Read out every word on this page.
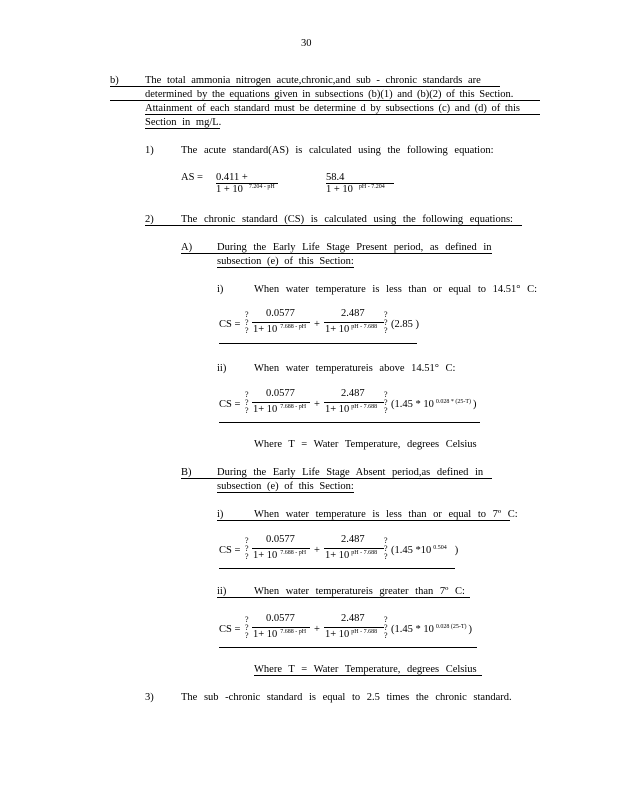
30
b)	The total ammonia nitrogen acute,chronic,and sub - chronic standards are
determined by the equations given in subsections (b)(1) and (b)(2) of this Section.
Attainment of each standard must be determine d by subsections (c) and (d) of this
Section in mg/L.
1)	The acute standard(AS) is calculated using the following equation:
AS = 0.411 +
1 + 10 $^{7.204 - pH}$
58.4
1 + 10 $^{pH - 7.204}$
2)	The chronic standard (CS) is calculated using the following equations:
A) During the Early Life Stage Present period, as defined in
subsection (e) of this Section:
i)	When water temperature is less than or equal to 14.51° C:
CS =
?
?
?
0.0577
1+ 10 $^{7.688 - pH}$ +
2.487
1+ 10 $^{pH - 7.688}$
?
?
?
(2.85 )
ii)	When water temperatureis above 14.51° C:
CS =
?
?
?
0.0577
1+ 10 $^{7.688 - pH}$ +
2.487
1+ 10 $^{pH - 7.688}$
?
?
?
(1.45 * 10 $^{0.028 * (25-T)}$ )
Where T = Water Temperature, degrees Celsius
B) During the Early Life Stage Absent period,as defined in
subsection (e) of this Section:
i)	When water temperature is less than or equal to 7º C:
CS =
?
?
?
0.0577
1+ 10 $^{7.688 - pH}$ +
2.487
1+ 10 $^{pH - 7.688}$
?
?
?
(1.45 *10 $^{0.504}$ )
ii)	When water temperatureis greater than 7º C:
CS =
?
?
?
0.0577
1+ 10 $^{7.688 - pH}$ +
2.487
1+ 10 $^{pH - 7.688}$
?
?
?
(1.45 * 10 $^{0.028 (25-T)}$ )
Where T = Water Temperature, degrees Celsius
3)	The sub -chronic standard is equal to 2.5 times the chronic standard.
